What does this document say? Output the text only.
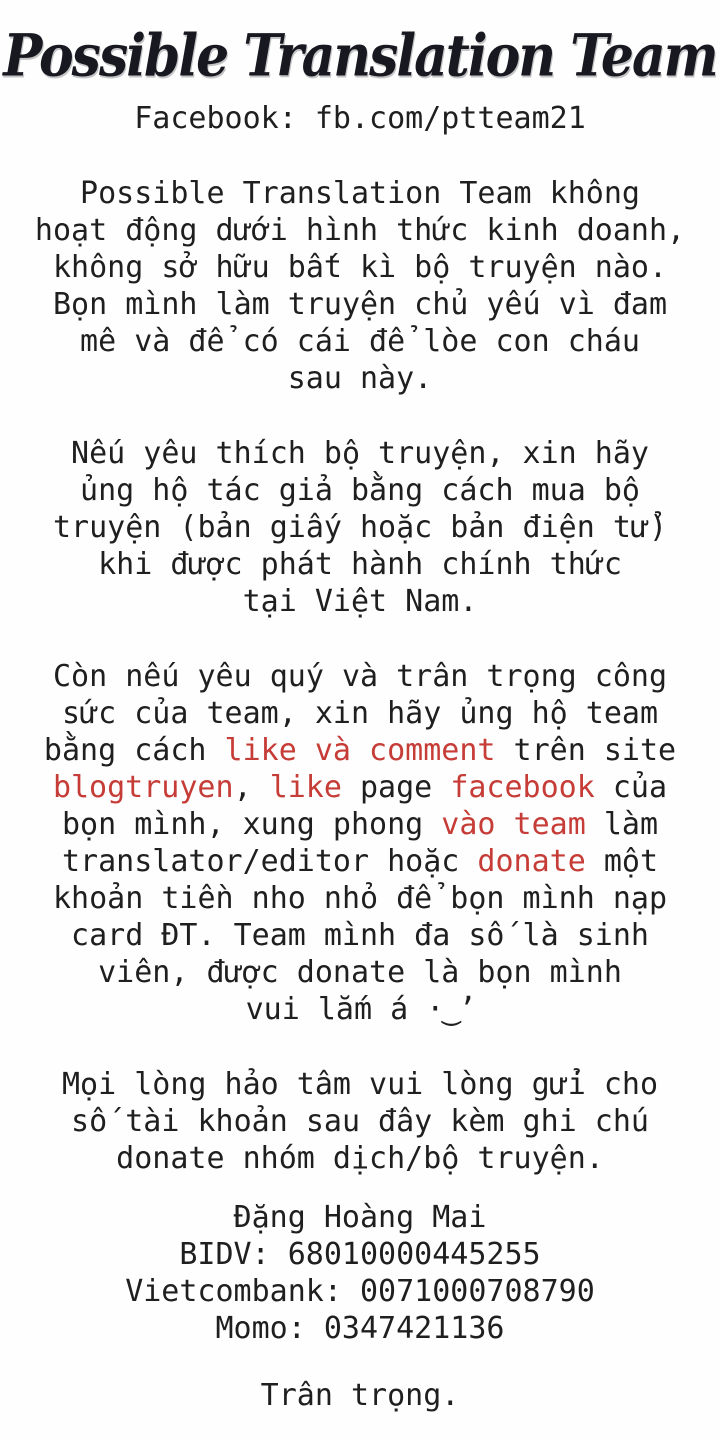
Possible Translation Team
Facebook: fb.com/ptteam21
Possible Translation Team không
hoạt động dưới hình thức kinh doanh,
không sở hữu bất kì bộ truyện nào.
Bọn mình làm truyện chủ yếu vì đam
mê và để có cái để lòe con cháu
sau này.
Nếu yêu thích bộ truyện, xin hãy
ủng hộ tác giả bằng cách mua bộ
truyện (bản giấy hoặc bản điện tử)
khi được phát hành chính thức
tại Việt Nam.
Còn nếu yêu quý và trân trọng công
sức của team, xin hãy ủng hộ team
bằng cách like và comment trên site
blogtruyen, like page facebook của
bọn mình, xung phong vào team làm
translator/editor hoặc donate một
khoản tiền nho nhỏ để bọn mình nạp
card ĐT. Team mình đa số là sinh
viên, được donate là bọn mình
vui lắm á ·‿ʼ
Mọi lòng hảo tâm vui lòng gửi cho
số tài khoản sau đây kèm ghi chú
donate nhóm dịch/bộ truyện.
Đặng Hoàng Mai
BIDV: 68010000445255
Vietcombank: 0071000708790
Momo: 0347421136
Trân trọng.
